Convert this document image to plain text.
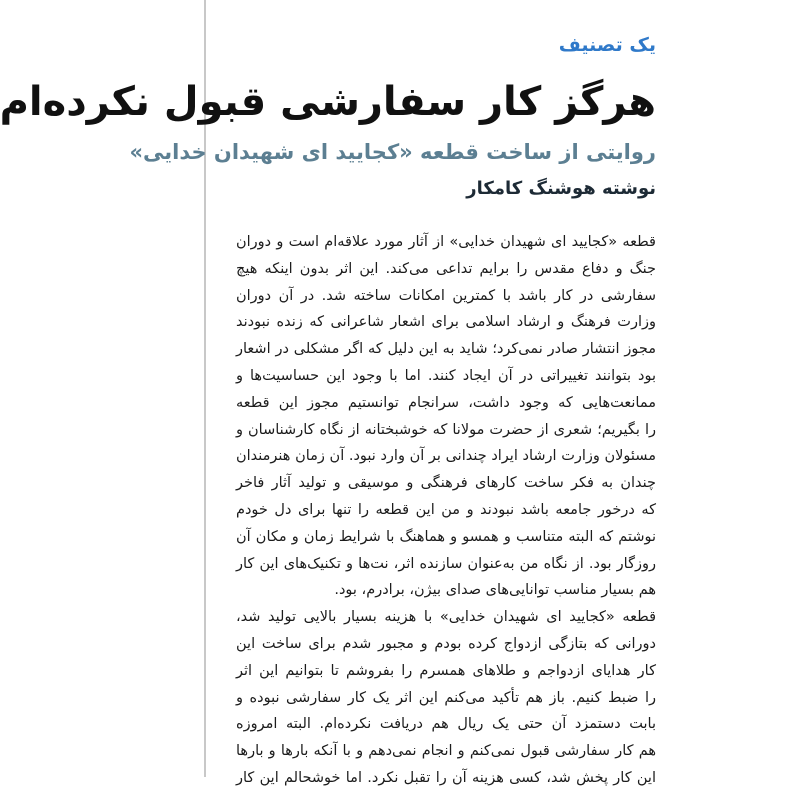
یک تصنیف
هرگز کار سفارشی قبول نکرده‌ام
روایتی از ساخت قطعه «کجایید ای شهیدان خدایی»
نوشته هوشنگ کامکار
قطعه «کجایید ای شهیدان خدایی» از آثار مورد علاقه‌ام است و دوران
جنگ و دفاع مقدس را برایم تداعی می‌کند. این اثر بدون اینکه هیچ
سفارشی در کار باشد با کمترین امکانات ساخته شد. در آن دوران
وزارت فرهنگ و ارشاد اسلامی برای اشعار شاعرانی که زنده نبودند
مجوز انتشار صادر نمی‌کرد؛ شاید به این دلیل که اگر مشکلی در اشعار
بود بتوانند تغییراتی در آن ایجاد کنند. اما با وجود این حساسیت‌ها و
ممانعت‌هایی که وجود داشت، سرانجام توانستیم مجوز این قطعه
را بگیریم؛ شعری از حضرت مولانا که خوشبختانه از نگاه کارشناسان و
مسئولان وزارت ارشاد ایراد چندانی بر آن وارد نبود. آن زمان هنرمندان
چندان به فکر ساخت کارهای فرهنگی و موسیقی و تولید آثار فاخر
که درخور جامعه باشد نبودند و من این قطعه را تنها برای دل خودم
نوشتم که البته متناسب و همسو و هماهنگ با شرایط زمان و مکان آن
روزگار بود. از نگاه من به‌عنوان سازنده اثر، نت‌ها و تکنیک‌های این کار
هم بسیار مناسب توانایی‌های صدای بیژن، برادرم، بود.
قطعه «کجایید ای شهیدان خدایی» با هزینه بسیار بالایی تولید شد،
دورانی که بتازگی ازدواج کرده بودم و مجبور شدم برای ساخت این
کار هدایای ازدواجم و طلاهای همسرم را بفروشم تا بتوانیم این اثر
را ضبط کنیم. باز هم تأکید می‌کنم این اثر یک کار سفارشی نبوده و
بابت دستمزد آن حتی یک ریال هم دریافت نکرده‌ام. البته امروزه
هم کار سفارشی قبول نمی‌کنم و انجام نمی‌دهم و با آنکه بارها و بارها
این کار پخش شد، کسی هزینه آن را تقبل نکرد. اما خوشحالم این کار
